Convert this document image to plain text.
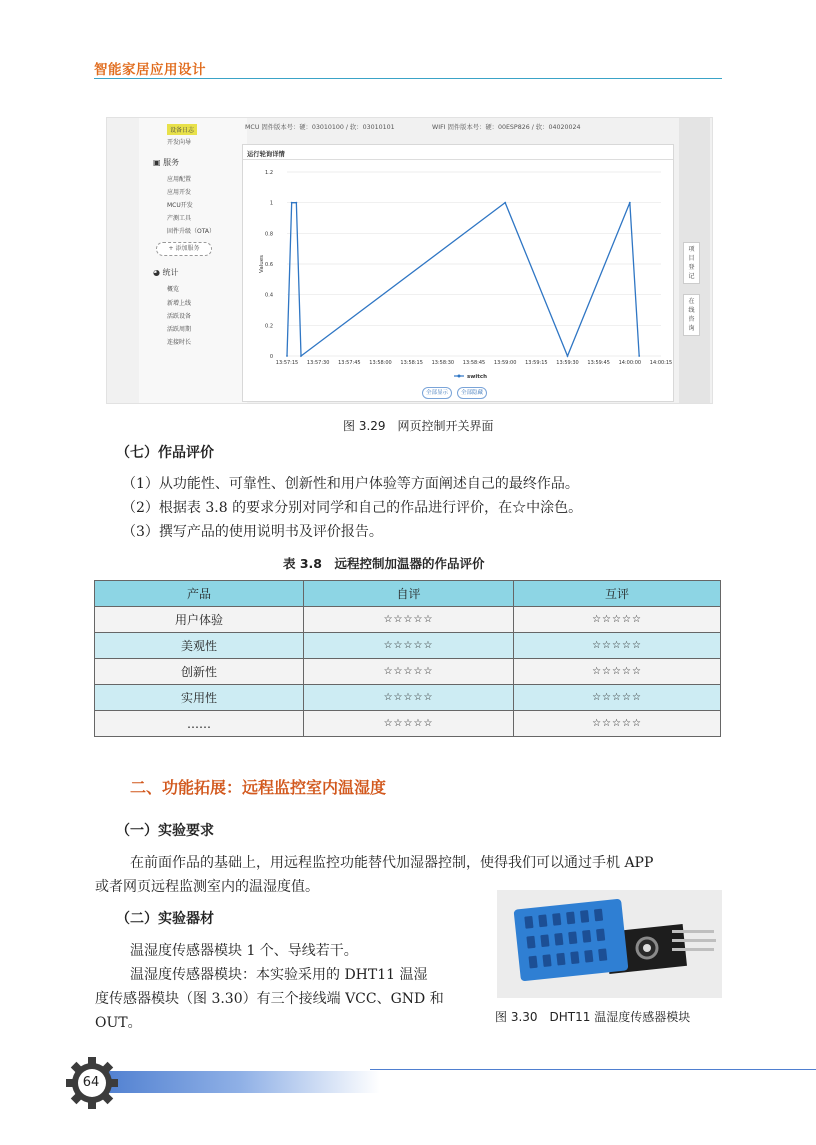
智能家居应用设计
设备日志
开发向导
▣ 服务
应用配置
应用开发
MCU开发
产测工具
固件升级（OTA）
+ 添加服务
◕ 统计
概览
新增上线
活跃设备
活跃周期
连接时长
MCU 固件版本号：硬：03010100 / 软：03010101	WIFI 固件版本号：硬：00ESP826 / 软：04020024
运行轮询详情
0
0.2
0.4
0.6
0.8
1
1.2
13:57:15 13:57:30 13:57:45 13:58:00 13:58:15 13:58:30 13:58:45 13:59:00 13:59:15 13:59:30 13:59:45 14:00:00 14:00:15
Values
switch
全部显示	全部隐藏
项
目
登
记
在
线
咨
询
图 3.29　网页控制开关界面
（七）作品评价
（1）从功能性、可靠性、创新性和用户体验等方面阐述自己的最终作品。
（2）根据表 3.8 的要求分别对同学和自己的作品进行评价，在☆中涂色。
（3）撰写产品的使用说明书及评价报告。
表 3.8　远程控制加温器的作品评价
产品	自评	互评
用户体验	☆☆☆☆☆	☆☆☆☆☆
美观性	☆☆☆☆☆	☆☆☆☆☆
创新性	☆☆☆☆☆	☆☆☆☆☆
实用性	☆☆☆☆☆	☆☆☆☆☆
……	☆☆☆☆☆	☆☆☆☆☆
二、功能拓展：远程监控室内温湿度
（一）实验要求
在前面作品的基础上，用远程监控功能替代加湿器控制，使得我们可以通过手机 APP
或者网页远程监测室内的温湿度值。
（二）实验器材
温湿度传感器模块 1 个、导线若干。
温湿度传感器模块：本实验采用的 DHT11 温湿
度传感器模块（图 3.30）有三个接线端 VCC、GND 和
OUT。	图 3.30　DHT11 温湿度传感器模块
64
